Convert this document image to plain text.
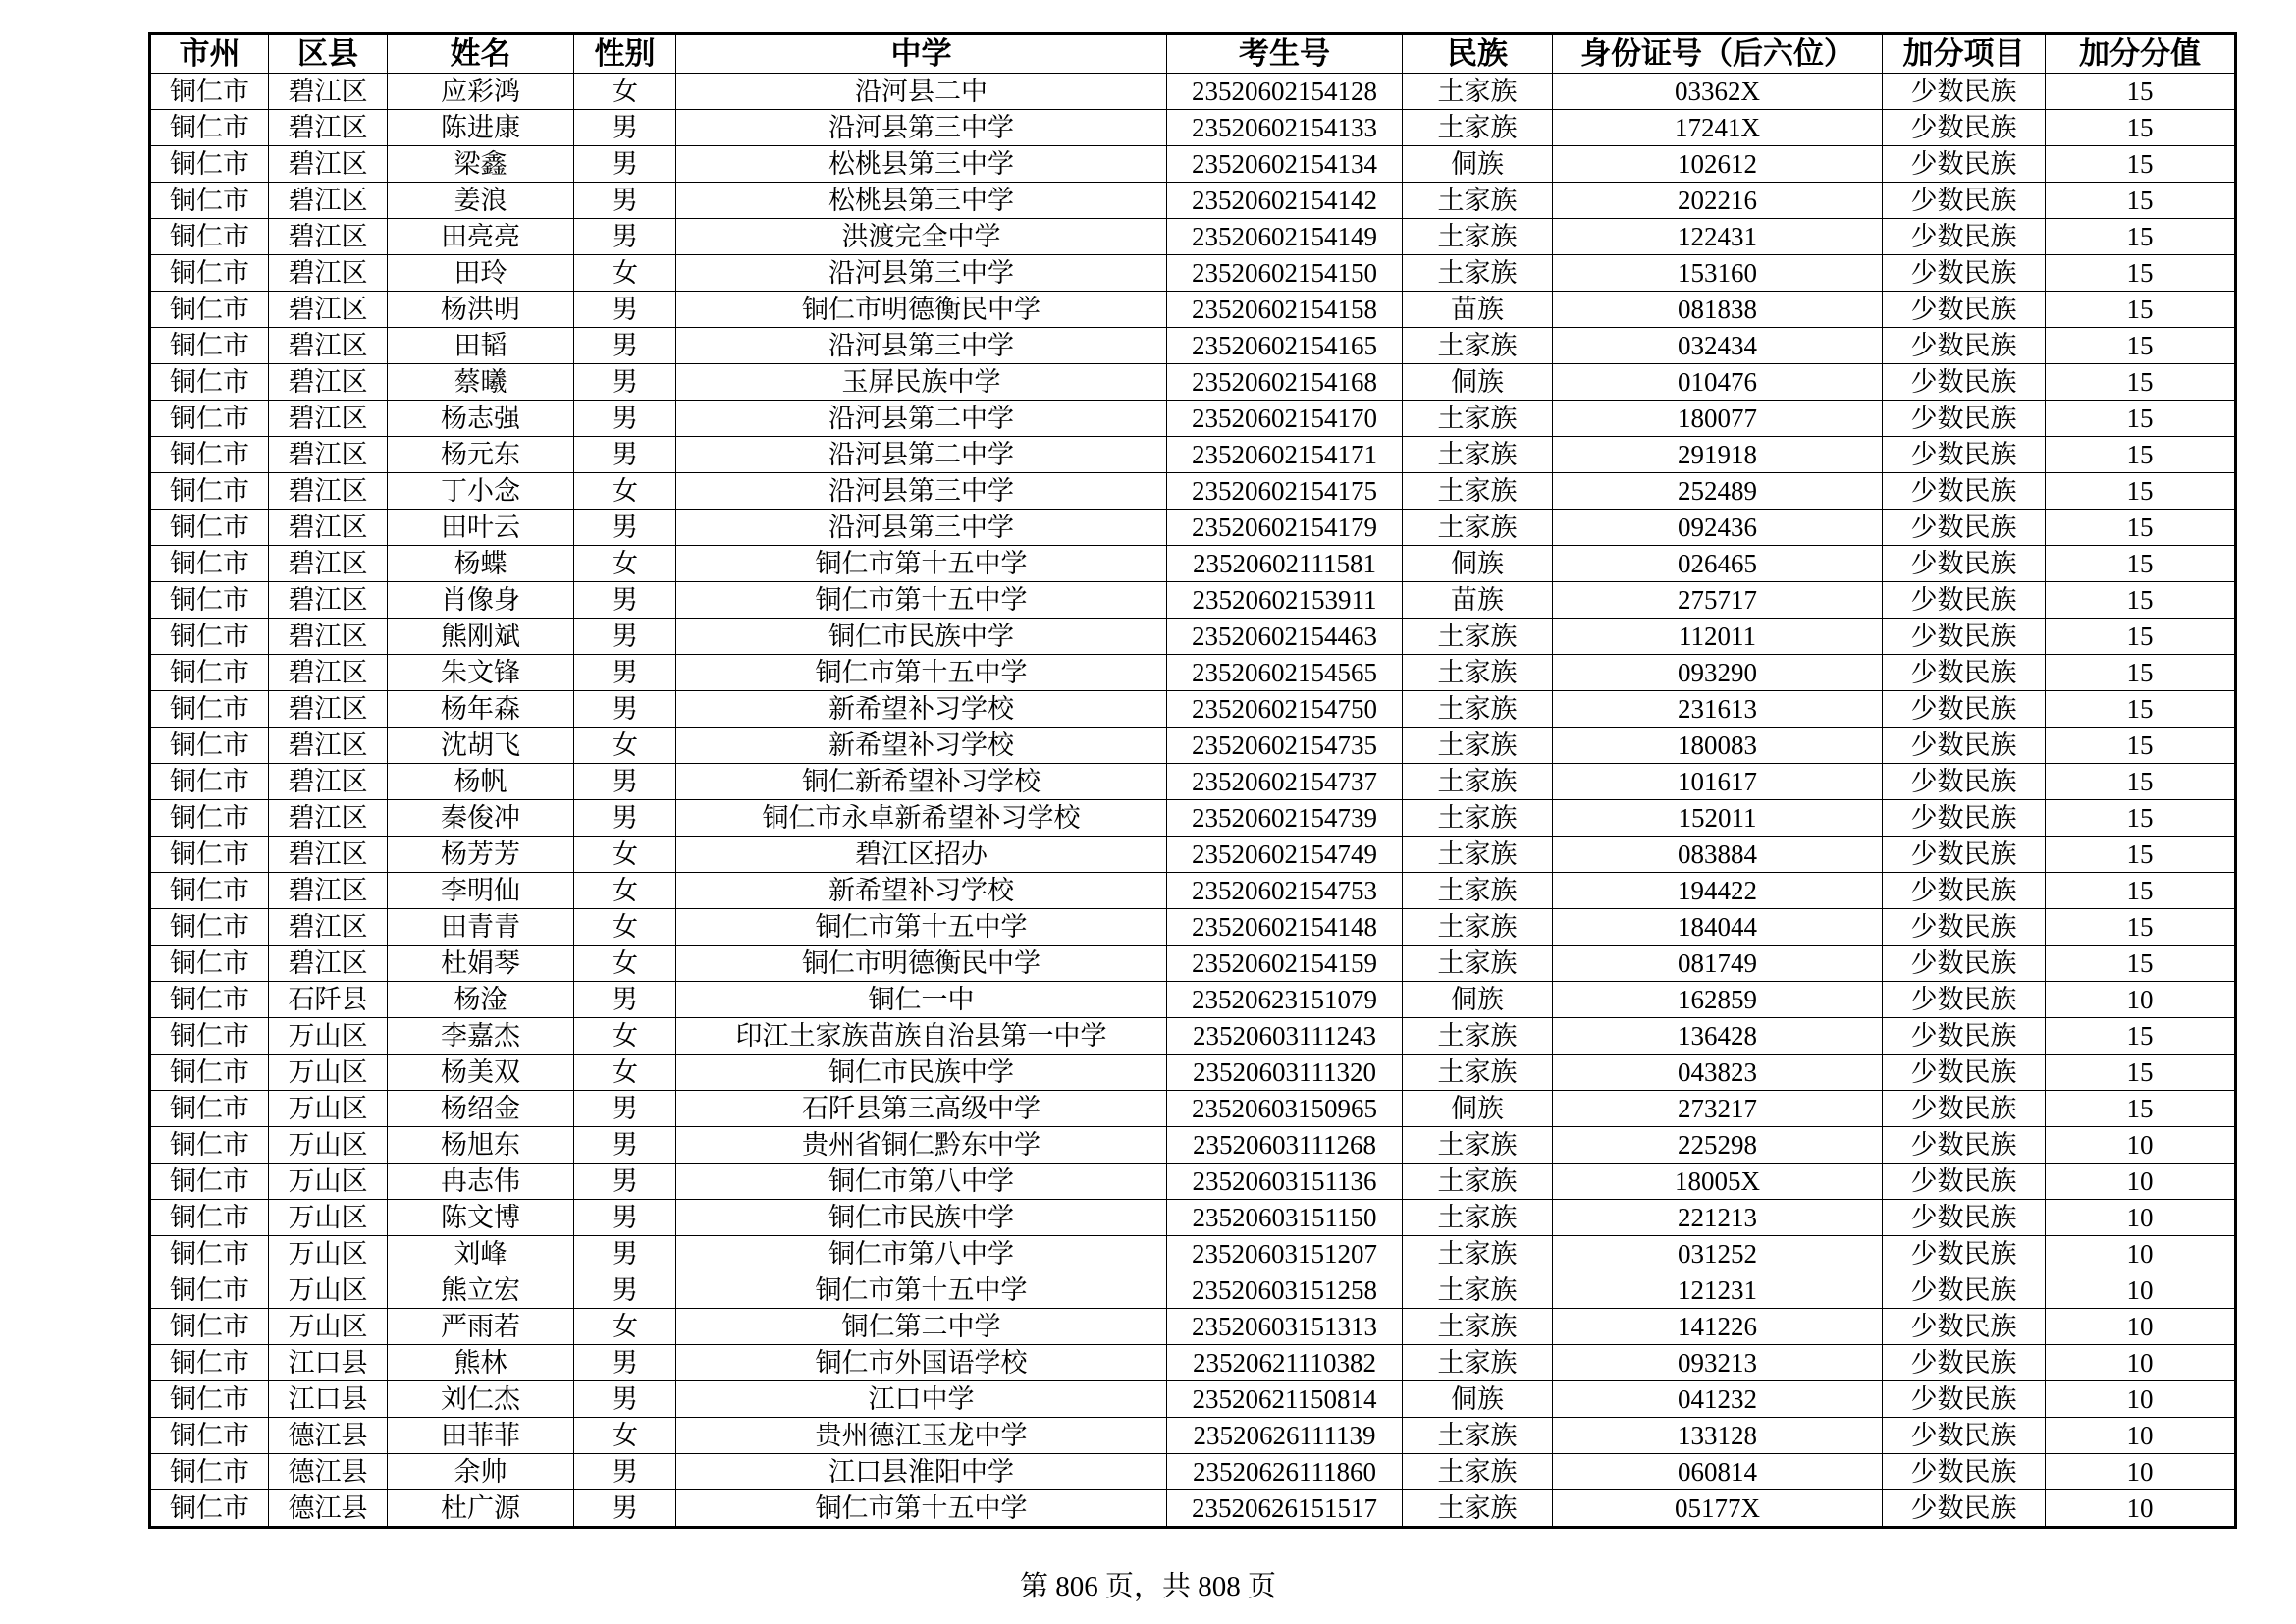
市州	区县	姓名	性别	中学	考生号	民族	身份证号（后六位）	加分项目	加分分值
铜仁市	碧江区	应彩鸿	女	沿河县二中	23520602154128	土家族	03362X	少数民族	15
铜仁市	碧江区	陈进康	男	沿河县第三中学	23520602154133	土家族	17241X	少数民族	15
铜仁市	碧江区	梁鑫	男	松桃县第三中学	23520602154134	侗族	102612	少数民族	15
铜仁市	碧江区	姜浪	男	松桃县第三中学	23520602154142	土家族	202216	少数民族	15
铜仁市	碧江区	田亮亮	男	洪渡完全中学	23520602154149	土家族	122431	少数民族	15
铜仁市	碧江区	田玲	女	沿河县第三中学	23520602154150	土家族	153160	少数民族	15
铜仁市	碧江区	杨洪明	男	铜仁市明德衡民中学	23520602154158	苗族	081838	少数民族	15
铜仁市	碧江区	田韬	男	沿河县第三中学	23520602154165	土家族	032434	少数民族	15
铜仁市	碧江区	蔡曦	男	玉屏民族中学	23520602154168	侗族	010476	少数民族	15
铜仁市	碧江区	杨志强	男	沿河县第二中学	23520602154170	土家族	180077	少数民族	15
铜仁市	碧江区	杨元东	男	沿河县第二中学	23520602154171	土家族	291918	少数民族	15
铜仁市	碧江区	丁小念	女	沿河县第三中学	23520602154175	土家族	252489	少数民族	15
铜仁市	碧江区	田叶云	男	沿河县第三中学	23520602154179	土家族	092436	少数民族	15
铜仁市	碧江区	杨蝶	女	铜仁市第十五中学	23520602111581	侗族	026465	少数民族	15
铜仁市	碧江区	肖像身	男	铜仁市第十五中学	23520602153911	苗族	275717	少数民族	15
铜仁市	碧江区	熊刚斌	男	铜仁市民族中学	23520602154463	土家族	112011	少数民族	15
铜仁市	碧江区	朱文锋	男	铜仁市第十五中学	23520602154565	土家族	093290	少数民族	15
铜仁市	碧江区	杨年森	男	新希望补习学校	23520602154750	土家族	231613	少数民族	15
铜仁市	碧江区	沈胡飞	女	新希望补习学校	23520602154735	土家族	180083	少数民族	15
铜仁市	碧江区	杨帆	男	铜仁新希望补习学校	23520602154737	土家族	101617	少数民族	15
铜仁市	碧江区	秦俊冲	男	铜仁市永卓新希望补习学校	23520602154739	土家族	152011	少数民族	15
铜仁市	碧江区	杨芳芳	女	碧江区招办	23520602154749	土家族	083884	少数民族	15
铜仁市	碧江区	李明仙	女	新希望补习学校	23520602154753	土家族	194422	少数民族	15
铜仁市	碧江区	田青青	女	铜仁市第十五中学	23520602154148	土家族	184044	少数民族	15
铜仁市	碧江区	杜娟琴	女	铜仁市明德衡民中学	23520602154159	土家族	081749	少数民族	15
铜仁市	石阡县	杨淦	男	铜仁一中	23520623151079	侗族	162859	少数民族	10
铜仁市	万山区	李嘉杰	女	印江土家族苗族自治县第一中学	23520603111243	土家族	136428	少数民族	15
铜仁市	万山区	杨美双	女	铜仁市民族中学	23520603111320	土家族	043823	少数民族	15
铜仁市	万山区	杨绍金	男	石阡县第三高级中学	23520603150965	侗族	273217	少数民族	15
铜仁市	万山区	杨旭东	男	贵州省铜仁黔东中学	23520603111268	土家族	225298	少数民族	10
铜仁市	万山区	冉志伟	男	铜仁市第八中学	23520603151136	土家族	18005X	少数民族	10
铜仁市	万山区	陈文博	男	铜仁市民族中学	23520603151150	土家族	221213	少数民族	10
铜仁市	万山区	刘峰	男	铜仁市第八中学	23520603151207	土家族	031252	少数民族	10
铜仁市	万山区	熊立宏	男	铜仁市第十五中学	23520603151258	土家族	121231	少数民族	10
铜仁市	万山区	严雨若	女	铜仁第二中学	23520603151313	土家族	141226	少数民族	10
铜仁市	江口县	熊林	男	铜仁市外国语学校	23520621110382	土家族	093213	少数民族	10
铜仁市	江口县	刘仁杰	男	江口中学	23520621150814	侗族	041232	少数民族	10
铜仁市	德江县	田菲菲	女	贵州德江玉龙中学	23520626111139	土家族	133128	少数民族	10
铜仁市	德江县	余帅	男	江口县淮阳中学	23520626111860	土家族	060814	少数民族	10
铜仁市	德江县	杜广源	男	铜仁市第十五中学	23520626151517	土家族	05177X	少数民族	10
第 806 页，共 808 页
